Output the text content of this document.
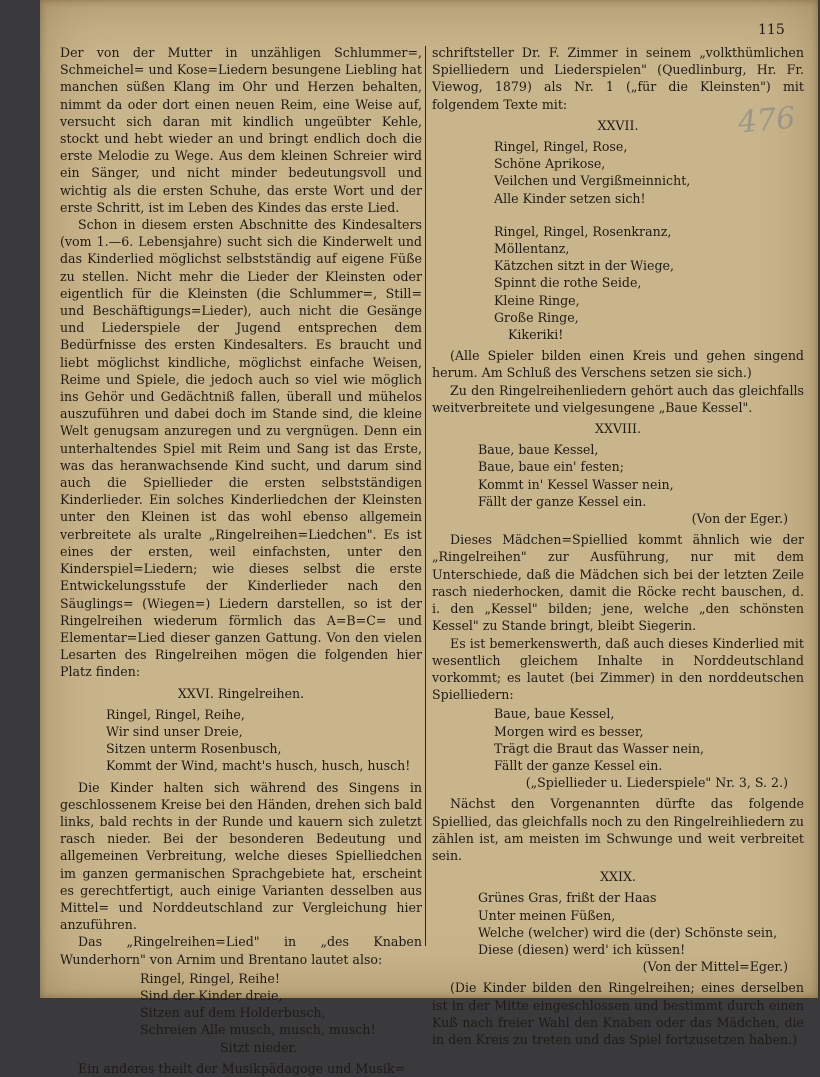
115
476

Der von der Mutter in unzähligen Schlummer=, Schmeichel= und Kose=Liedern besungene Liebling hat manchen süßen Klang im Ohr und Herzen behalten, nimmt da oder dort einen neuen Reim, eine Weise auf, versucht sich daran mit kindlich ungeübter Kehle, stockt und hebt wieder an und bringt endlich doch die erste Melodie zu Wege. Aus dem kleinen Schreier wird ein Sänger, und nicht minder bedeutungsvoll und wichtig als die ersten Schuhe, das erste Wort und der erste Schritt, ist im Leben des Kindes das erste Lied.

Schon in diesem ersten Abschnitte des Kindesalters (vom 1.—6. Lebensjahre) sucht sich die Kinderwelt und das Kinderlied möglichst selbstständig auf eigene Füße zu stellen. Nicht mehr die Lieder der Kleinsten oder eigentlich für die Kleinsten (die Schlummer=, Still= und Beschäftigungs=Lieder), auch nicht die Gesänge und Liederspiele der Jugend entsprechen dem Bedürfnisse des ersten Kindesalters. Es braucht und liebt möglichst kindliche, möglichst einfache Weisen, Reime und Spiele, die jedoch auch so viel wie möglich ins Gehör und Gedächtniß fallen, überall und mühelos auszuführen und dabei doch im Stande sind, die kleine Welt genugsam anzuregen und zu vergnügen. Denn ein unterhaltendes Spiel mit Reim und Sang ist das Erste, was das heranwachsende Kind sucht, und darum sind auch die Spiellieder die ersten selbstständigen Kinderlieder. Ein solches Kinderliedchen der Kleinsten unter den Kleinen ist das wohl ebenso allgemein verbreitete als uralte „Ringelreihen=Liedchen". Es ist eines der ersten, weil einfachsten, unter den Kinderspiel=Liedern; wie dieses selbst die erste Entwickelungsstufe der Kinderlieder nach den Säuglings= (Wiegen=) Liedern darstellen, so ist der Ringelreihen wiederum förmlich das A=B=C= und Elementar=Lied dieser ganzen Gattung. Von den vielen Lesarten des Ringelreihen mögen die folgenden hier Platz finden:

XXVI. Ringelreihen.
Ringel, Ringel, Reihe,
Wir sind unser Dreie,
Sitzen unterm Rosenbusch,
Kommt der Wind, macht's husch, husch, husch!

Die Kinder halten sich während des Singens in geschlossenem Kreise bei den Händen, drehen sich bald links, bald rechts in der Runde und kauern sich zuletzt rasch nieder. Bei der besonderen Bedeutung und allgemeinen Verbreitung, welche dieses Spielliedchen im ganzen germanischen Sprachgebiete hat, erscheint es gerechtfertigt, auch einige Varianten desselben aus Mittel= und Norddeutschland zur Vergleichung hier anzuführen.

Das „Ringelreihen=Lied" in „des Knaben Wunderhorn" von Arnim und Brentano lautet also:

Ringel, Ringel, Reihe!
Sind der Kinder dreie,
Sitzen auf dem Holderbusch,
Schreien Alle musch, musch, musch!
Sitzt nieder.

Ein anderes theilt der Musikpädagoge und Musik=

schriftsteller Dr. F. Zimmer in seinem „volkthümlichen Spielliedern und Liederspielen" (Quedlinburg, Hr. Fr. Viewog, 1879) als Nr. 1 („für die Kleinsten") mit folgendem Texte mit:

XXVII.
Ringel, Ringel, Rose,
Schöne Aprikose,
Veilchen und Vergißmeinnicht,
Alle Kinder setzen sich!
Ringel, Ringel, Rosenkranz,
Möllentanz,
Kätzchen sitzt in der Wiege,
Spinnt die rothe Seide,
Kleine Ringe,
Große Ringe,
Kikeriki!

(Alle Spieler bilden einen Kreis und gehen singend herum. Am Schluß des Verschens setzen sie sich.)

Zu den Ringelreihenliedern gehört auch das gleichfalls weitverbreitete und vielgesungene „Baue Kessel".

XXVIII.
Baue, baue Kessel,
Baue, baue ein' festen;
Kommt in' Kessel Wasser nein,
Fällt der ganze Kessel ein.
(Von der Eger.)

Dieses Mädchen=Spiellied kommt ähnlich wie der „Ringelreihen" zur Ausführung, nur mit dem Unterschiede, daß die Mädchen sich bei der letzten Zeile rasch niederhocken, damit die Röcke recht bauschen, d. i. den „Kessel" bilden; jene, welche „den schönsten Kessel" zu Stande bringt, bleibt Siegerin.

Es ist bemerkenswerth, daß auch dieses Kinderlied mit wesentlich gleichem Inhalte in Norddeutschland vorkommt; es lautet (bei Zimmer) in den norddeutschen Spielliedern:

Baue, baue Kessel,
Morgen wird es besser,
Trägt die Braut das Wasser nein,
Fällt der ganze Kessel ein.
(„Spiellieder u. Liederspiele" Nr. 3, S. 2.)

Nächst den Vorgenannten dürfte das folgende Spiellied, das gleichfalls noch zu den Ringelreihliedern zu zählen ist, am meisten im Schwunge und weit verbreitet sein.

XXIX.
Grünes Gras, frißt der Haas
Unter meinen Füßen,
Welche (welcher) wird die (der) Schönste sein,
Diese (diesen) werd' ich küssen!
(Von der Mittel=Eger.)

(Die Kinder bilden den Ringelreihen; eines derselben ist in der Mitte eingeschlossen und bestimmt durch einen Kuß nach freier Wahl den Knaben oder das Mädchen, die in den Kreis zu treten und das Spiel fortzusetzen haben.)
